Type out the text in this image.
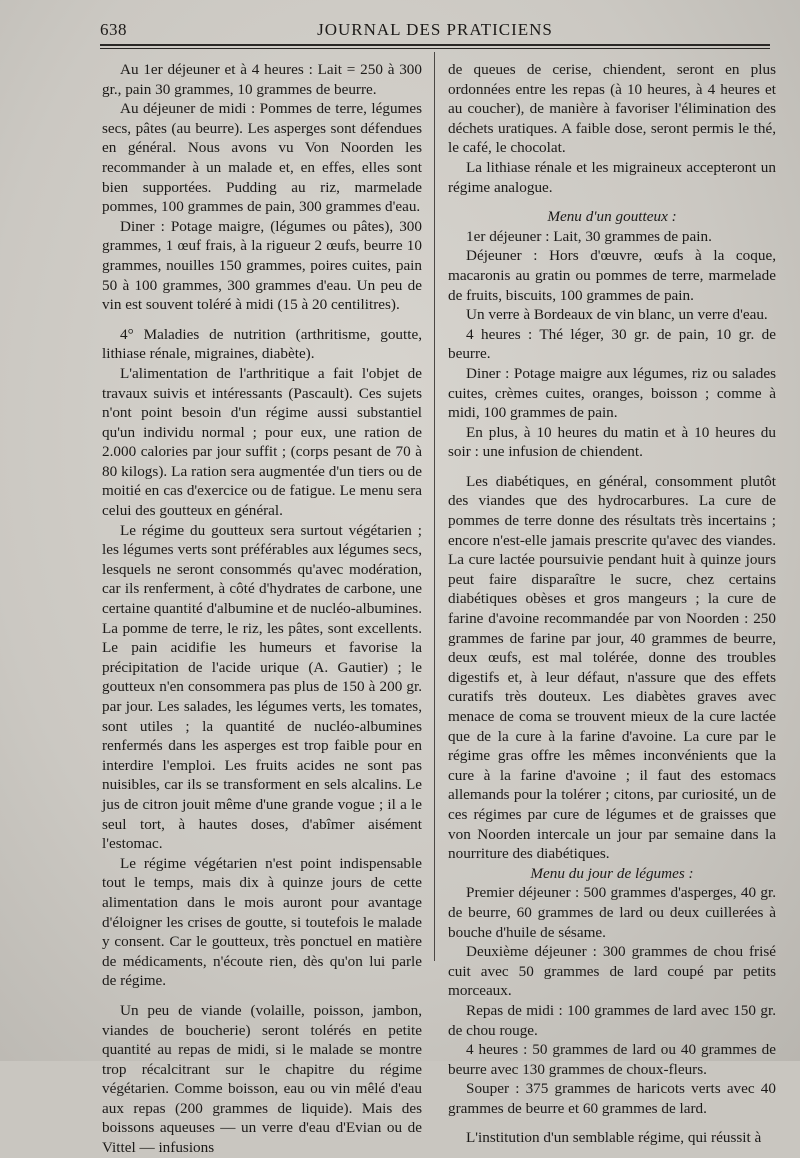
638	JOURNAL DES PRATICIENS

Au 1er déjeuner et à 4 heures : Lait = 250 à 300 gr., pain 30 grammes, 10 grammes de beurre.

Au déjeuner de midi : Pommes de terre, légumes secs, pâtes (au beurre). Les asperges sont défendues en général. Nous avons vu Von Noorden les recommander à un malade et, en effes, elles sont bien supportées. Pudding au riz, marmelade pommes, 100 grammes de pain, 300 grammes d'eau.

Diner : Potage maigre, (légumes ou pâtes), 300 grammes, 1 œuf frais, à la rigueur 2 œufs, beurre 10 grammes, nouilles 150 grammes, poires cuites, pain 50 à 100 grammes, 300 grammes d'eau. Un peu de vin est souvent toléré à midi (15 à 20 centilitres).

4° Maladies de nutrition (arthritisme, goutte, lithiase rénale, migraines, diabète).

L'alimentation de l'arthritique a fait l'objet de travaux suivis et intéressants (Pascault). Ces sujets n'ont point besoin d'un régime aussi substantiel qu'un individu normal ; pour eux, une ration de 2.000 calories par jour suffit ; (corps pesant de 70 à 80 kilogs). La ration sera augmentée d'un tiers ou de moitié en cas d'exercice ou de fatigue. Le menu sera celui des goutteux en général.

Le régime du goutteux sera surtout végétarien ; les légumes verts sont préférables aux légumes secs, lesquels ne seront consommés qu'avec modération, car ils renferment, à côté d'hydrates de carbone, une certaine quantité d'albumine et de nucléo-albumines. La pomme de terre, le riz, les pâtes, sont excellents. Le pain acidifie les humeurs et favorise la précipitation de l'acide urique (A. Gautier) ; le goutteux n'en consommera pas plus de 150 à 200 gr. par jour. Les salades, les légumes verts, les tomates, sont utiles ; la quantité de nucléo-albumines renfermés dans les asperges est trop faible pour en interdire l'emploi. Les fruits acides ne sont pas nuisibles, car ils se transforment en sels alcalins. Le jus de citron jouit même d'une grande vogue ; il a le seul tort, à hautes doses, d'abîmer aisément l'estomac.

Le régime végétarien n'est point indispensable tout le temps, mais dix à quinze jours de cette alimentation dans le mois auront pour avantage d'éloigner les crises de goutte, si toutefois le malade y consent. Car le goutteux, très ponctuel en matière de médicaments, n'écoute rien, dès qu'on lui parle de régime.

Un peu de viande (volaille, poisson, jambon, viandes de boucherie) seront tolérés en petite quantité au repas de midi, si le malade se montre trop récalcitrant sur le chapitre du régime végétarien. Comme boisson, eau ou vin mêlé d'eau aux repas (200 grammes de liquide). Mais des boissons aqueuses — un verre d'eau d'Evian ou de Vittel — infusions

de queues de cerise, chiendent, seront en plus ordonnées entre les repas (à 10 heures, à 4 heures et au coucher), de manière à favoriser l'élimination des déchets uratiques. A faible dose, seront permis le thé, le café, le chocolat.

La lithiase rénale et les migraineux accepteront un régime analogue.

Menu d'un goutteux :

1er déjeuner : Lait, 30 grammes de pain.

Déjeuner : Hors d'œuvre, œufs à la coque, macaronis au gratin ou pommes de terre, marmelade de fruits, biscuits, 100 grammes de pain.

Un verre à Bordeaux de vin blanc, un verre d'eau.

4 heures : Thé léger, 30 gr. de pain, 10 gr. de beurre.

Diner : Potage maigre aux légumes, riz ou salades cuites, crèmes cuites, oranges, boisson ; comme à midi, 100 grammes de pain.

En plus, à 10 heures du matin et à 10 heures du soir : une infusion de chiendent.

Les diabétiques, en général, consomment plutôt des viandes que des hydrocarbures. La cure de pommes de terre donne des résultats très incertains ; encore n'est-elle jamais prescrite qu'avec des viandes. La cure lactée poursuivie pendant huit à quinze jours peut faire disparaître le sucre, chez certains diabétiques obèses et gros mangeurs ; la cure de farine d'avoine recommandée par von Noorden : 250 grammes de farine par jour, 40 grammes de beurre, deux œufs, est mal tolérée, donne des troubles digestifs et, à leur défaut, n'assure que des effets curatifs très douteux. Les diabètes graves avec menace de coma se trouvent mieux de la cure lactée que de la cure à la farine d'avoine. La cure par le régime gras offre les mêmes inconvénients que la cure à la farine d'avoine ; il faut des estomacs allemands pour la tolérer ; citons, par curiosité, un de ces régimes par cure de légumes et de graisses que von Noorden intercale un jour par semaine dans la nourriture des diabétiques.

Menu du jour de légumes :

Premier déjeuner : 500 grammes d'asperges, 40 gr. de beurre, 60 grammes de lard ou deux cuillerées à bouche d'huile de sésame.

Deuxième déjeuner : 300 grammes de chou frisé cuit avec 50 grammes de lard coupé par petits morceaux.

Repas de midi : 100 grammes de lard avec 150 gr. de chou rouge.

4 heures : 50 grammes de lard ou 40 grammes de beurre avec 130 grammes de choux-fleurs.

Souper : 375 grammes de haricots verts avec 40 grammes de beurre et 60 grammes de lard.

L'institution d'un semblable régime, qui réussit à
